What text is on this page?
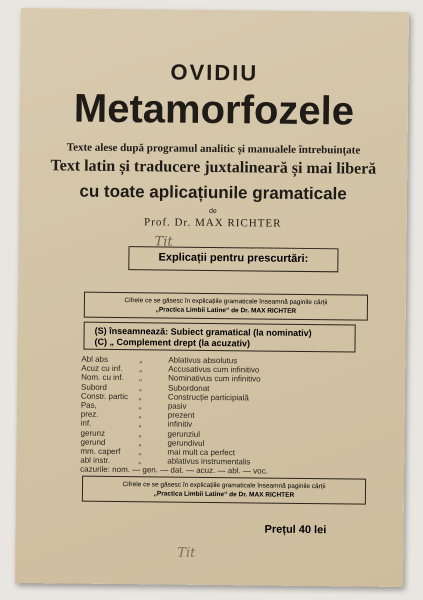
OVIDIU
Metamorfozele
Texte alese după programul analitic și manualele întrebuințate
Text latin și traducere juxtalineară și mai liberă
cu toate aplicațiunile gramaticale
de
Prof. Dr. MAX RICHTER
Tit
Explicații pentru prescurtări:
Cifrele ce se găsesc în explicațiile gramaticale înseamnă paginile cărții
„Practica Limbii Latine“ de Dr. MAX RICHTER
(S) înseamnează: Subiect gramatical (la nominativ)
(C) „ Complement drept (la acuzativ)
Abl abs	„	Ablativus absolutus
Acuz cu inf. „	Accusativus cum infinitivo
Nom. cu inf. „	Nominativus cum infinitivo
Subord	„	Subordonat
Constr. partic „	Construcție participială
Pas,	„	pasiv
prez.	„	prezent
inf.	„	infinitiv
gerunz	„	gerunziul
gerund	„	gerundivul
mm. caperf „	mai mult ca perfect
abl instr.	„	ablativus instrumentalis
cazurile: nom. — gen. — dat. — acuz. — abl. — voc.
Cifrele ce se găsesc în explicațiile gramaticale înseamnă paginile cărții
„Practica Limbii Latine“ de Dr. MAX RICHTER
Prețul 40 lei
Tit
